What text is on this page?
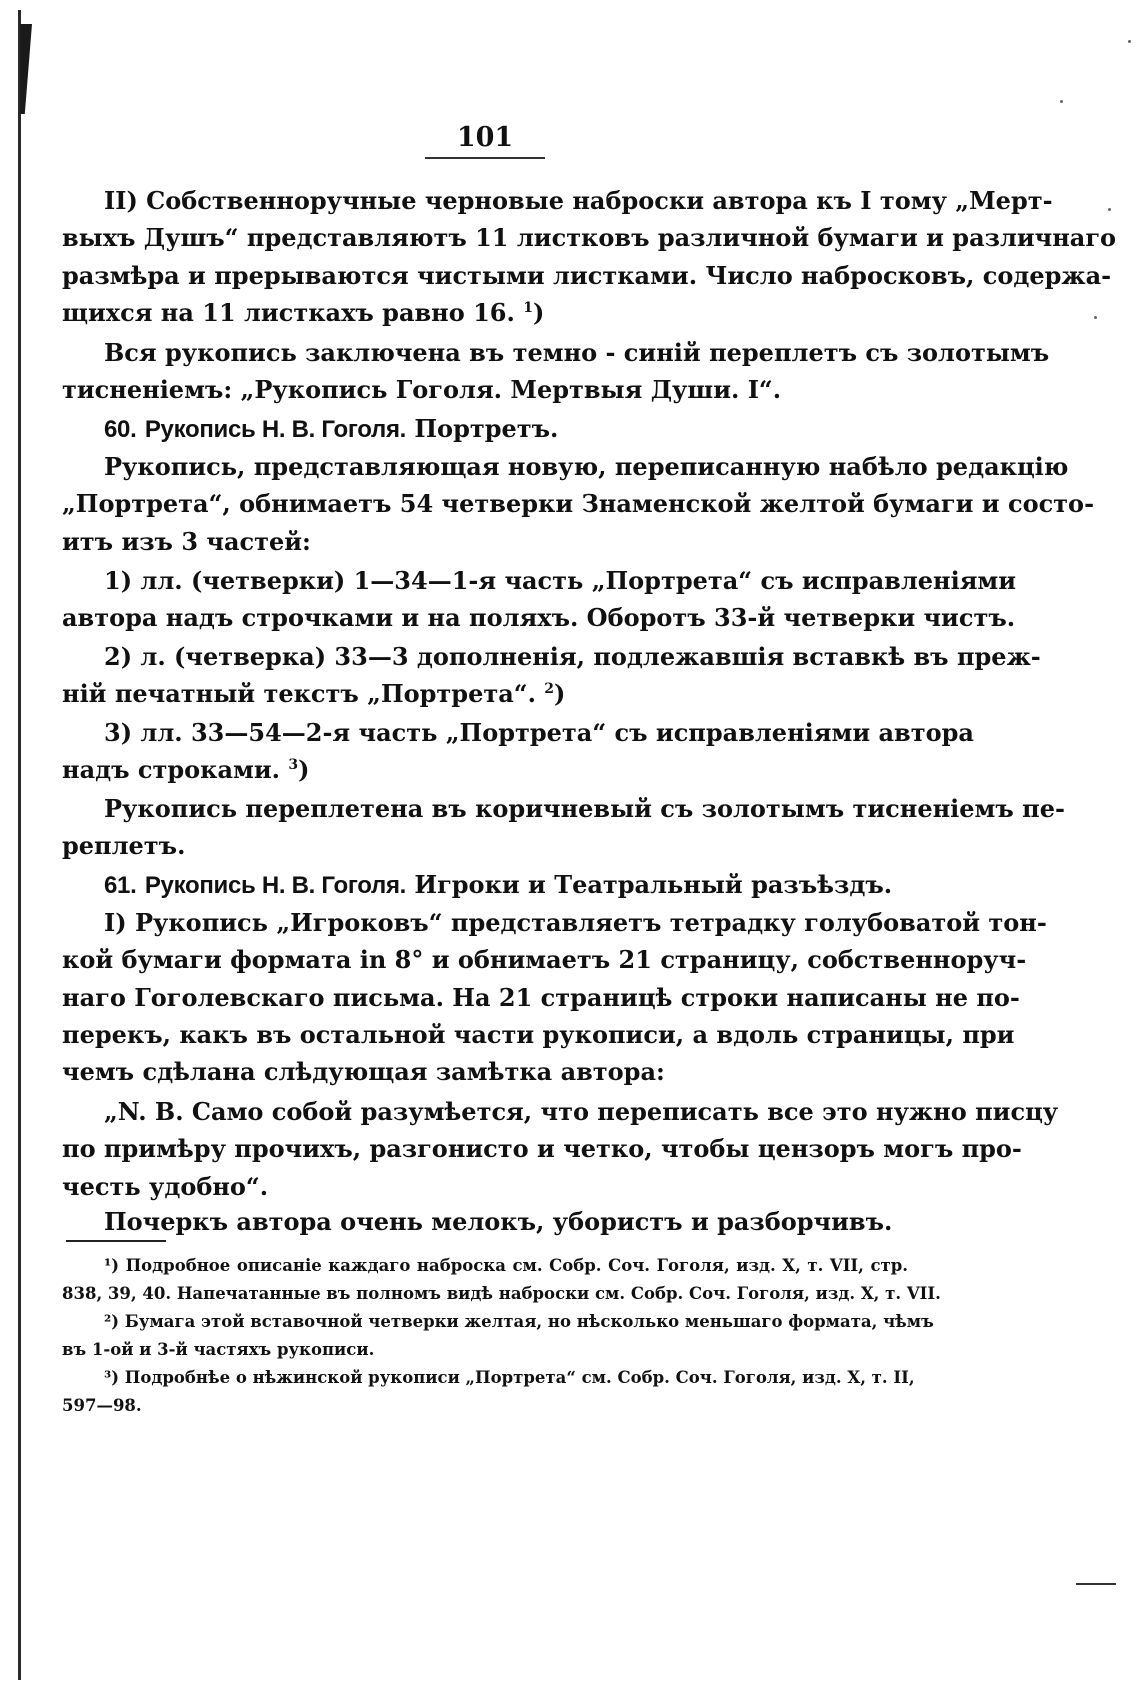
101
II) Собственноручные черновые наброски автора къ I тому „Мерт-
выхъ Душъ“ представляютъ 11 листковъ различной бумаги и различнаго
размѣра и прерываются чистыми листками. Число набросковъ, содержа-
щихся на 11 листкахъ равно 16. $^1$)
Вся рукопись заключена въ темно - синій переплетъ съ золотымъ
тисненіемъ: „Рукопись Гоголя. Мертвыя Души. I“.
60. Рукопись Н. В. Гоголя. Портретъ.
Рукопись, представляющая новую, переписанную набѣло редакцію
„Портрета“, обнимаетъ 54 четверки Знаменской желтой бумаги и состо-
итъ изъ 3 частей:
1) лл. (четверки) 1—34—1-я часть „Портрета“ съ исправленіями
автора надъ строчками и на поляхъ. Оборотъ 33-й четверки чистъ.
2) л. (четверка) 33—3 дополненія, подлежавшія вставкѣ въ преж-
ній печатный текстъ „Портрета“. $^2$)
3) лл. 33—54—2-я часть „Портрета“ съ исправленіями автора
надъ строками. $^3$)
Рукопись переплетена въ коричневый съ золотымъ тисненіемъ пе-
реплетъ.
61. Рукопись Н. В. Гоголя. Игроки и Театральный разъѣздъ.
I) Рукопись „Игроковъ“ представляетъ тетрадку голубоватой тон-
кой бумаги формата in 8° и обнимаетъ 21 страницу, собственноруч-
наго Гоголевскаго письма. На 21 страницѣ строки написаны не по-
перекъ, какъ въ остальной части рукописи, а вдоль страницы, при
чемъ сдѣлана слѣдующая замѣтка автора:
„N. B. Само собой разумѣется, что переписать все это нужно писцу
по примѣру прочихъ, разгонисто и четко, чтобы цензоръ могъ про-
честь удобно“.
Почеркъ автора очень мелокъ, убористъ и разборчивъ.
¹) Подробное описаніе каждаго наброска см. Собр. Соч. Гоголя, изд. X, т. VII, стр.
838, 39, 40. Напечатанные въ полномъ видѣ наброски см. Собр. Соч. Гоголя, изд. X, т. VII.
²) Бумага этой вставочной четверки желтая, но нѣсколько меньшаго формата, чѣмъ
въ 1-ой и 3-й частяхъ рукописи.
³) Подробнѣе о нѣжинской рукописи „Портрета“ см. Собр. Соч. Гоголя, изд. X, т. II,
597—98.
